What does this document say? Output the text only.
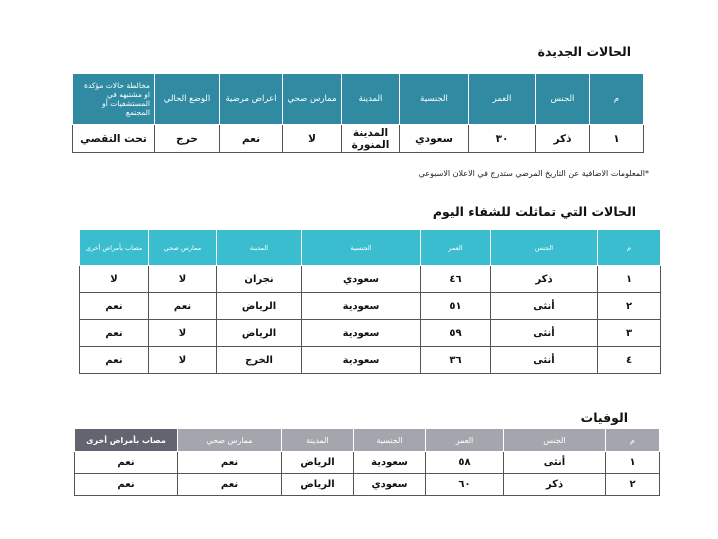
الحالات الجديدة
م	الجنس	العمر	الجنسية	المدينة	ممارس صحي	اعراض مرضية	الوضع الحالي	مخالطة حالات مؤكدة او مشتبهه في المستشفيات أو المجتمع
١	ذكر	٣٠	سعودي	المدينة المنورة	لا	نعم	حرج	تحت التقصي
*المعلومات الاضافية عن التاريخ المرضي ستدرج في الاعلان الاسبوعي
الحالات التي تماثلت للشفاء اليوم
م	الجنس	العمر	الجنسية	المدينة	ممارس صحي	مصاب بأمراض أخرى
١	ذكر	٤٦	سعودي	نجران	لا	لا
٢	أنثى	٥١	سعودية	الرياض	نعم	نعم
٣	أنثى	٥٩	سعودية	الرياض	لا	نعم
٤	أنثى	٣٦	سعودية	الخرج	لا	نعم
الوفيات
م	الجنس	العمر	الجنسية	المدينة	ممارس صحي	مصاب بأمراض أخرى
١	أنثى	٥٨	سعودية	الرياض	نعم	نعم
٢	ذكر	٦٠	سعودي	الرياض	نعم	نعم
